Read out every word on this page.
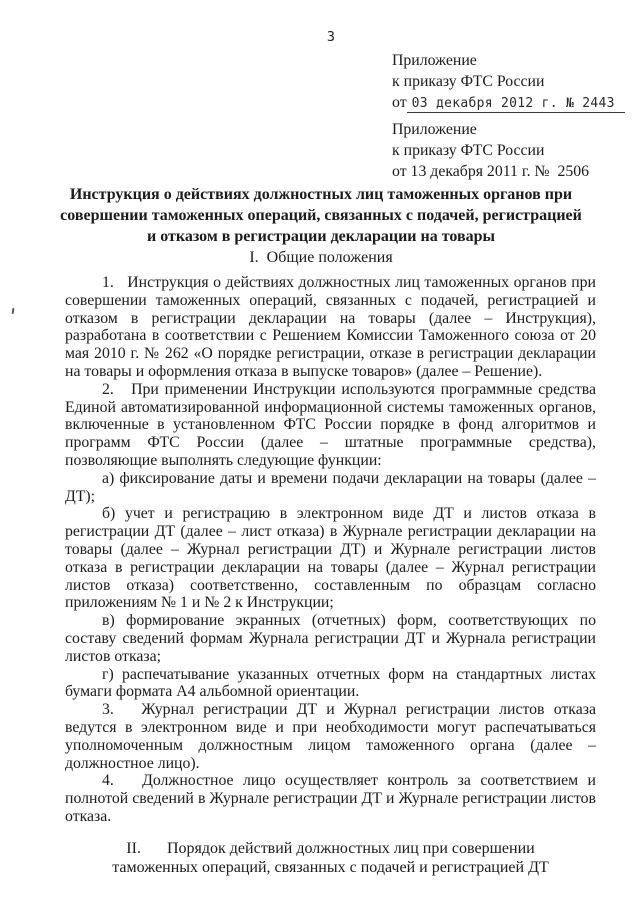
3
Приложение
к приказу ФТС России
от 03 декабря 2012 г. № 2443
Приложение
к приказу ФТС России
от 13 декабря 2011 г. №  2506
Инструкция о действиях должностных лиц таможенных органов при совершении таможенных операций, связанных с подачей, регистрацией и отказом в регистрации декларации на товары
I. Общие положения

1.   Инструкция о действиях должностных лиц таможенных органов при совершении таможенных операций, связанных с подачей, регистрацией и отказом в регистрации декларации на товары (далее – Инструкция), разработана в соответствии с Решением Комиссии Таможенного союза от 20 мая 2010 г. № 262 «О порядке регистрации, отказе в регистрации декларации на товары и оформления отказа в выпуске товаров» (далее – Решение).

2.   При применении Инструкции используются программные средства Единой автоматизированной информационной системы таможенных органов, включенные в установленном ФТС России порядке в фонд алгоритмов и программ ФТС России (далее – штатные программные средства), позволяющие выполнять следующие функции:

а) фиксирование даты и времени подачи декларации на товары (далее – ДТ);

б) учет и регистрацию в электронном виде ДТ и листов отказа в регистрации ДТ (далее – лист отказа) в Журнале регистрации декларации на товары (далее – Журнал регистрации ДТ) и Журнале регистрации листов отказа в регистрации декларации на товары (далее – Журнал регистрации листов отказа) соответственно, составленным по образцам согласно приложениям № 1 и № 2 к Инструкции;

в) формирование экранных (отчетных) форм, соответствующих по составу сведений формам Журнала регистрации ДТ и Журнала регистрации листов отказа;

г) распечатывание указанных отчетных форм на стандартных листах бумаги формата А4 альбомной ориентации.

3.   Журнал регистрации ДТ и Журнал регистрации листов отказа ведутся в электронном виде и при необходимости могут распечатываться уполномоченным должностным лицом таможенного органа (далее – должностное лицо).

4.   Должностное лицо осуществляет контроль за соответствием и полнотой сведений в Журнале регистрации ДТ и Журнале регистрации листов отказа.

II. Порядок действий должностных лиц при совершении таможенных операций, связанных с подачей и регистрацией ДТ
